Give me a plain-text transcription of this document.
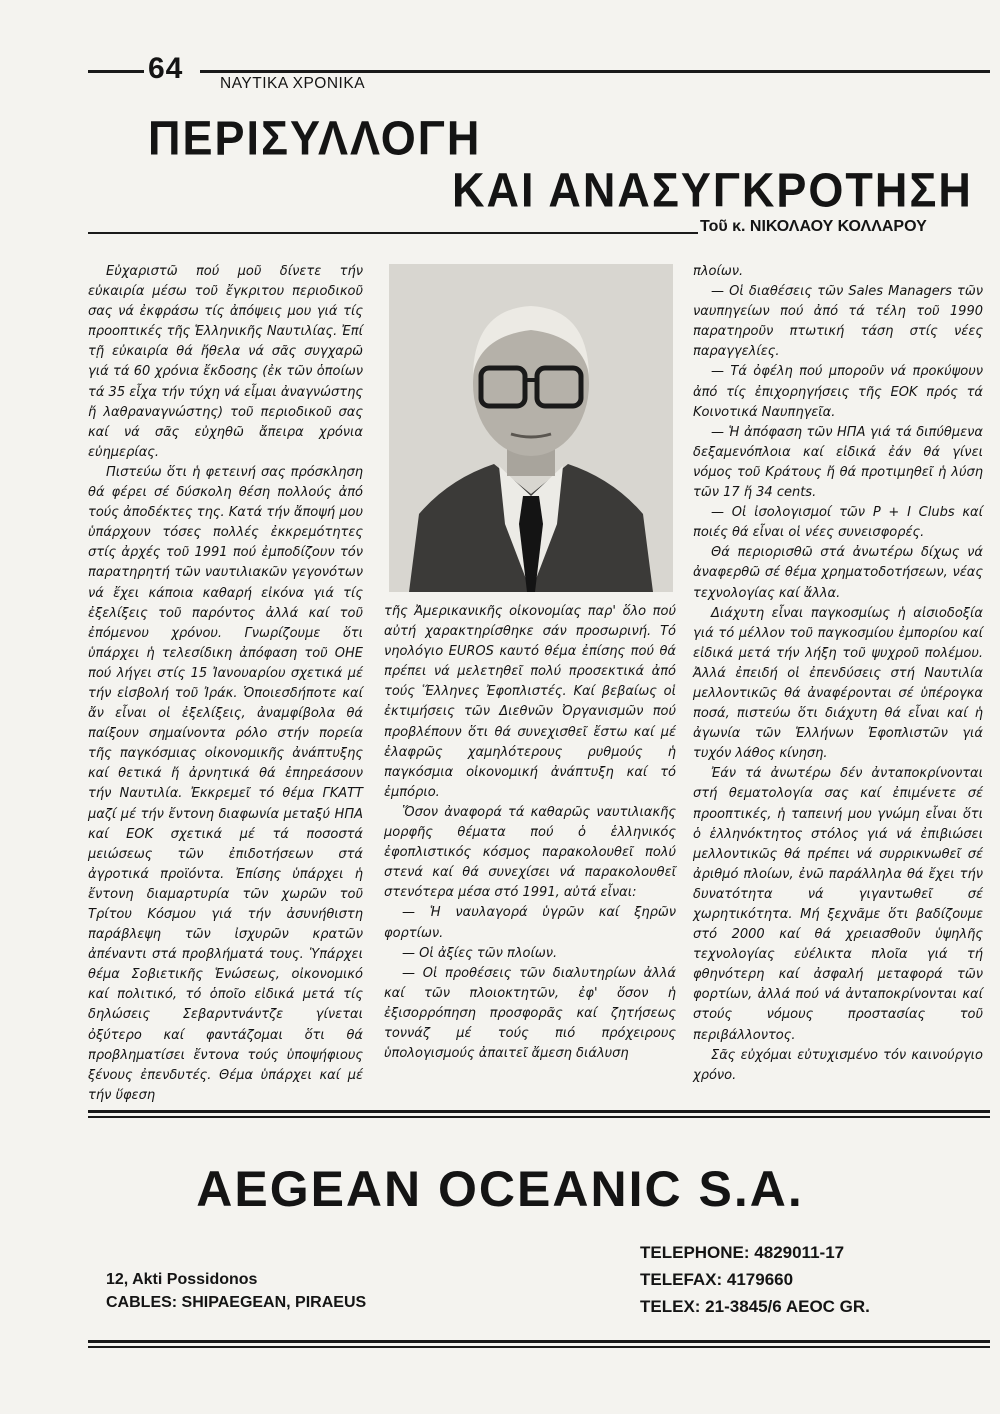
64 ΝΑΥΤΙΚΑ ΧΡΟΝΙΚΑ
ΠΕΡΙΣΥΛΛΟΓΗ
ΚΑΙ ΑΝΑΣΥΓΚΡΟΤΗΣΗ
Τοῦ κ. ΝΙΚΟΛΑΟΥ ΚΟΛΛΑΡΟΥ

Εὐχαριστῶ πού μοῦ δίνετε τήν εὐκαιρία μέσω τοῦ ἔγκριτου περιοδικοῦ σας νά ἐκφράσω τίς ἀπόψεις μου γιά τίς προοπτικές τῆς Ἑλληνικῆς Ναυτιλίας. Ἐπί τῇ εὐκαιρία θά ἤθελα νά σᾶς συγχαρῶ γιά τά 60 χρόνια ἔκδοσης (ἐκ τῶν ὁποίων τά 35 εἶχα τήν τύχη νά εἶμαι ἀναγνώστης ἤ λαθραναγνώστης) τοῦ περιοδικοῦ σας καί νά σᾶς εὐχηθῶ ἄπειρα χρόνια εὐημερίας.

Πιστεύω ὅτι ἡ φετεινή σας πρόσκληση θά φέρει σέ δύσκολη θέση πολλούς ἀπό τούς ἀποδέκτες της. Κατά τήν ἄποψή μου ὑπάρχουν τόσες πολλές ἐκκρεμότητες στίς ἀρχές τοῦ 1991 πού ἐμποδίζουν τόν παρατηρητή τῶν ναυτιλιακῶν γεγονότων νά ἔχει κάποια καθαρή εἰκόνα γιά τίς ἐξελίξεις τοῦ παρόντος ἀλλά καί τοῦ ἐπόμενου χρόνου. Γνωρίζουμε ὅτι ὑπάρχει ἡ τελεσίδικη ἀπόφαση τοῦ ΟΗΕ πού λήγει στίς 15 Ἰανουαρίου σχετικά μέ τήν εἰσβολή τοῦ Ἰράκ. Ὁποιεσδήποτε καί ἄν εἶναι οἱ ἐξελίξεις, ἀναμφίβολα θά παίξουν σημαίνοντα ρόλο στήν πορεία τῆς παγκόσμιας οἰκονομικῆς ἀνάπτυξης καί θετικά ἤ ἀρνητικά θά ἐπηρεάσουν τήν Ναυτιλία. Ἐκκρεμεῖ τό θέμα ΓΚΑΤΤ μαζί μέ τήν ἔντονη διαφωνία μεταξύ ΗΠΑ καί ΕΟΚ σχετικά μέ τά ποσοστά μειώσεως τῶν ἐπιδοτήσεων στά ἀγροτικά προϊόντα. Ἐπίσης ὑπάρχει ἡ ἔντονη διαμαρτυρία τῶν χωρῶν τοῦ Τρίτου Κόσμου γιά τήν ἀσυνήθιστη παράβλεψη τῶν ἰσχυρῶν κρατῶν ἀπέναντι στά προβλήματά τους. Ὑπάρχει θέμα Σοβιετικῆς Ἑνώσεως, οἰκονομικό καί πολιτικό, τό ὁποῖο εἰδικά μετά τίς δηλώσεις Σεβαρντνάντζε γίνεται ὀξύτερο καί φαντάζομαι ὅτι θά προβληματίσει ἔντονα τούς ὑποψήφιους ξένους ἐπενδυτές. Θέμα ὑπάρχει καί μέ τήν ὕφεση

τῆς Ἀμερικανικῆς οἰκονομίας παρ' ὅλο πού αὐτή χαρακτηρίσθηκε σάν προσωρινή. Τό νηολόγιο EUROS καυτό θέμα ἐπίσης πού θά πρέπει νά μελετηθεῖ πολύ προσεκτικά ἀπό τούς Ἕλληνες Ἐφοπλιστές. Καί βεβαίως οἱ ἐκτιμήσεις τῶν Διεθνῶν Ὀργανισμῶν πού προβλέπουν ὅτι θά συνεχισθεῖ ἔστω καί μέ ἐλαφρῶς χαμηλότερους ρυθμούς ἡ παγκόσμια οἰκονομική ἀνάπτυξη καί τό ἐμπόριο.

Ὅσον ἀναφορά τά καθαρῶς ναυτιλιακῆς μορφῆς θέματα πού ὁ ἑλληνικός ἐφοπλιστικός κόσμος παρακολουθεῖ πολύ στενά καί θά συνεχίσει νά παρακολουθεῖ στενότερα μέσα στό 1991, αὐτά εἶναι:

— Ἡ ναυλαγορά ὑγρῶν καί ξηρῶν φορτίων.

— Οἱ ἀξίες τῶν πλοίων.

— Οἱ προθέσεις τῶν διαλυτηρίων ἀλλά καί τῶν πλοιοκτητῶν, ἐφ' ὅσον ἡ ἐξισορρόπηση προσφορᾶς καί ζητήσεως τοννάζ μέ τούς πιό πρόχειρους ὑπολογισμούς ἀπαιτεῖ ἄμεση διάλυση

πλοίων.

— Οἱ διαθέσεις τῶν Sales Managers τῶν ναυπηγείων πού ἀπό τά τέλη τοῦ 1990 παρατηροῦν πτωτική τάση στίς νέες παραγγελίες.

— Τά ὀφέλη πού μποροῦν νά προκύψουν ἀπό τίς ἐπιχορηγήσεις τῆς ΕΟΚ πρός τά Κοινοτικά Ναυπηγεῖα.

— Ἡ ἀπόφαση τῶν ΗΠΑ γιά τά διπύθμενα δεξαμενόπλοια καί εἰδικά ἐάν θά γίνει νόμος τοῦ Κράτους ἤ θά προτιμηθεῖ ἡ λύση τῶν 17 ἤ 34 cents.

— Οἱ ἰσολογισμοί τῶν P + I Clubs καί ποιές θά εἶναι οἱ νέες συνεισφορές.

Θά περιορισθῶ στά ἀνωτέρω δίχως νά ἀναφερθῶ σέ θέμα χρηματοδοτήσεων, νέας τεχνολογίας καί ἄλλα.

Διάχυτη εἶναι παγκοσμίως ἡ αἰσιοδοξία γιά τό μέλλον τοῦ παγκοσμίου ἐμπορίου καί εἰδικά μετά τήν λήξη τοῦ ψυχροῦ πολέμου. Ἀλλά ἐπειδή οἱ ἐπενδύσεις στή Ναυτιλία μελλοντικῶς θά ἀναφέρονται σέ ὑπέρογκα ποσά, πιστεύω ὅτι διάχυτη θά εἶναι καί ἡ ἀγωνία τῶν Ἑλλήνων Ἐφοπλιστῶν γιά τυχόν λάθος κίνηση.

Ἐάν τά ἀνωτέρω δέν ἀνταποκρίνονται στή θεματολογία σας καί ἐπιμένετε σέ προοπτικές, ἡ ταπεινή μου γνώμη εἶναι ὅτι ὁ ἑλληνόκτητος στόλος γιά νά ἐπιβιώσει μελλοντικῶς θά πρέπει νά συρρικνωθεῖ σέ ἀριθμό πλοίων, ἐνῶ παράλληλα θά ἔχει τήν δυνατότητα νά γιγαντωθεῖ σέ χωρητικότητα. Μή ξεχνᾶμε ὅτι βαδίζουμε στό 2000 καί θά χρειασθοῦν ὑψηλῆς τεχνολογίας εὐέλικτα πλοῖα γιά τή φθηνότερη καί ἀσφαλή μεταφορά τῶν φορτίων, ἀλλά πού νά ἀνταποκρίνονται καί στούς νόμους προστασίας τοῦ περιβάλλοντος.

Σᾶς εὐχόμαι εὐτυχισμένο τόν καινούργιο χρόνο.

AEGEAN OCEANIC S.A.
12, Akti Possidonos
CABLES: SHIPAEGEAN, PIRAEUS
TELEPHONE: 4829011-17
TELEFAX: 4179660
TELEX: 21-3845/6 AEOC GR.
